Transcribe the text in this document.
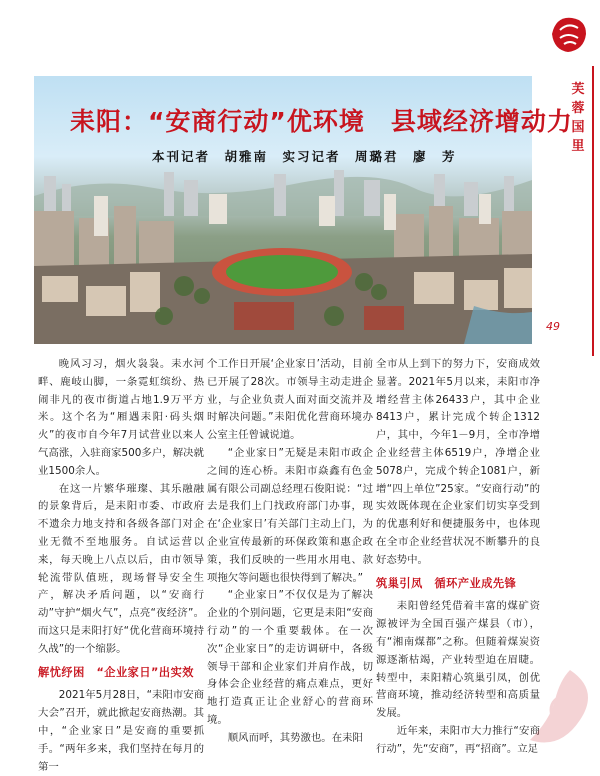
耒阳：“安商行动”优环境　县域经济增动力
本刊记者　胡雅南　实习记者　周璐君　廖　芳
芙蓉国里
49

晚风习习，烟火袅袅。耒水河畔、鹿岐山脚，一条霓虹缤纷、热闹非凡的夜市街道占地1.9万平方米。这个名为“厢遇耒阳·码头烟火”的夜市自今年7月试营业以来人气高涨，入驻商家500多户，解决就业1500余人。

在这一片繁华璀璨、其乐融融的景象背后，是耒阳市委、市政府不遗余力地支持和各级各部门对企业无微不至地服务。自试运营以来，每天晚上八点以后，由市领导轮流带队值班，现场督导安全生产，解决矛盾问题，以“安商行动”守护“烟火气”，点亮“夜经济”。而这只是耒阳打好“优化营商环境持久战”的一个缩影。

解忧纾困　“企业家日”出实效

2021年5月28日，“耒阳市安商大会”召开，就此掀起安商热潮。其中，“企业家日”是安商的重要抓手。“两年多来，我们坚持在每月的第一

个工作日开展‘企业家日’活动，目前已开展了28次。市领导主动走进企业，与企业负责人面对面交流并及时解决问题。”耒阳优化营商环境办公室主任曾诚说道。

“企业家日”无疑是耒阳市政企之间的连心桥。耒阳市焱鑫有色金属有限公司副总经理石俊阳说：“过去是我们上门找政府部门办事，现在‘企业家日’有关部门主动上门，为企业宣传最新的环保政策和惠企政策，我们反映的一些用水用电、款项拖欠等问题也很快得到了解决。”

“企业家日”不仅仅是为了解决企业的个别问题，它更是耒阳“安商行动”的一个重要载体。在一次次“企业家日”的走访调研中，各级领导干部和企业家们并肩作战，切身体会企业经营的痛点难点，更好地打造真正让企业舒心的营商环境。

顺风而呼，其势激也。在耒阳

全市从上到下的努力下，安商成效显著。2021年5月以来，耒阳市净增经营主体26433户，其中企业8413户，累计完成个转企1312户，其中，今年1－9月，全市净增企业经营主体6519户，净增企业5078户，完成个转企1081户，新增“四上单位”25家。“安商行动”的实效既体现在企业家们切实享受到的优惠利好和便捷服务中，也体现在全市企业经营状况不断攀升的良好态势中。

筑巢引凤　循环产业成先锋

耒阳曾经凭借着丰富的煤矿资源被评为全国百强产煤县（市），有“湘南煤都”之称。但随着煤炭资源逐渐枯竭，产业转型迫在眉睫。转型中，耒阳精心筑巢引凤，创优营商环境，推动经济转型和高质量发展。

近年来，耒阳市大力推行“安商行动”，先“安商”，再“招商”。立足
